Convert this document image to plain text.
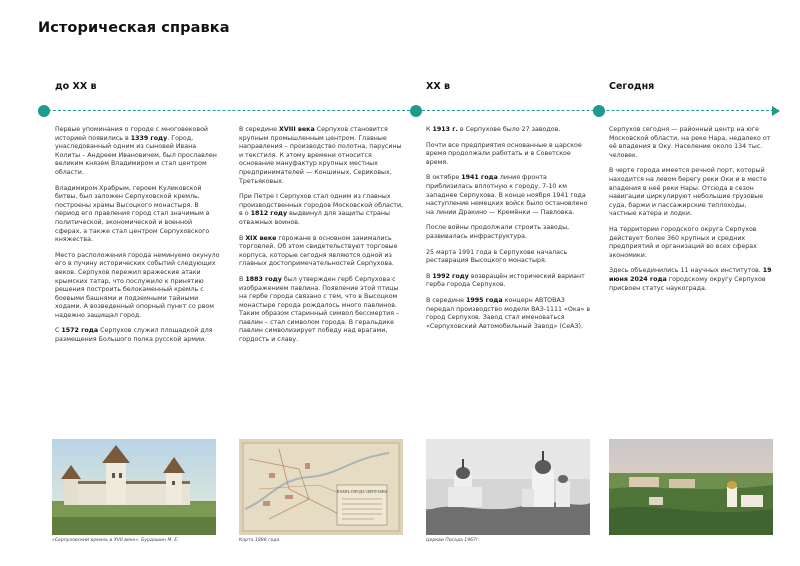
Историческая справка
до XX в	XX в	Сегодня

Первые упоминания о городе с многовековой историей появились в 1339 году. Город, унаследованный одним из сыновей Ивана Колиты – Андреем Ивановичем, был прославлен великим князем Владимиром и стал центром области.

Владимиром Храбрым, героем Куликовской битвы, был заложен Серпуховской кремль, построены храмы Высоцкого монастыря. В период его правления город стал значимым в политической, экономической и военной сферах, а также стал центром Серпуховского княжества.

Место расположения города неминуемо окунуло его в пучину исторических событий следующих веков. Серпухов пережил вражеские атаки крымских татар, что послужило к принятию решения построить белокаменный кремль с боевыми башнями и подземными тайными ходами. А возведенный опорный пункт со рвом надежно защищал город.

С 1572 года Серпухов служил площадкой для размещения Большого полка русской армии.

В середине XVIII века Серпухов становится крупным промышленным центром. Главные направления – производство полотна, парусины и текстиля. К этому времени относится основание мануфактур крупных местных предпринимателей — Коншиных, Сериковых, Третьяковых.

При Петре I Серпухов стал одним из главных производственных городов Московской области, в о 1812 году выдвинул для защиты страны отважных воинов.

В XIX веке горожане в основном занимались торговлей. Об этом свидетельствуют торговые корпуса, которые сегодня являются одной из главных достопримечательностей Серпухова.

В 1883 году был утвержден герб Серпухова с изображением павлина. Появление этой птицы на гербе города связано с тем, что в Высоцком монастыре города рождалось много павлинов. Таким образом старинный символ бессмертия – павлин – стал символом города. В геральдике павлин символизирует победу над врагами, гордость и славу.

К 1913 г. в Серпухове было 27 заводов.

Почти все предприятия основанные в царское время продолжали работать и в Советское время.

В октябре 1941 года линия фронта приблизилась вплотную к городу, 7-10 км западнее Серпухова. В конце ноября 1941 года наступление немецких войск было остановлено на линии Дракино — Кремёнки — Павловка.

После войны продолжали строить заводы, развивалась инфраструктура.

25 марта 1991 года в Серпухове началась реставрация Высоцкого монастыря.

В 1992 году возвращён исторический вариант герба города Серпухов.

В середине 1995 года концерн АВТОВАЗ передал производство модели ВАЗ-1111 «Ока» в город Серпухов. Завод стал именоваться «Серпуховский Автомобильный Завод» (СеАЗ).

Серпухов сегодня — районный центр на юге Московской области, на реке Нара, недалеко от её впадения в Оку. Население около 134 тыс. человек.

В черте города имеется речной порт, который находится на левом берегу реки Оки и в месте впадения в неё реки Нары. Отсюда в сезон навигации циркулируют небольшие грузовые суда, баржи и пассажирские теплоходы, частные катера и лодки.

На территории городского округа Серпухов действует более 360 крупных и средних предприятий и организаций во всех сферах экономики.

Здесь объединились 11 научных институтов. 19 июня 2024 года городскому округу Серпухов присвоен статус наукограда.

«Серпуховский кремль в XVII веке». Бурдашин М. Е.
ПЛАНЪ ГОРОДА СЕРПУХОВА
Карта 1888 года	Церкви Посада 1967г.
